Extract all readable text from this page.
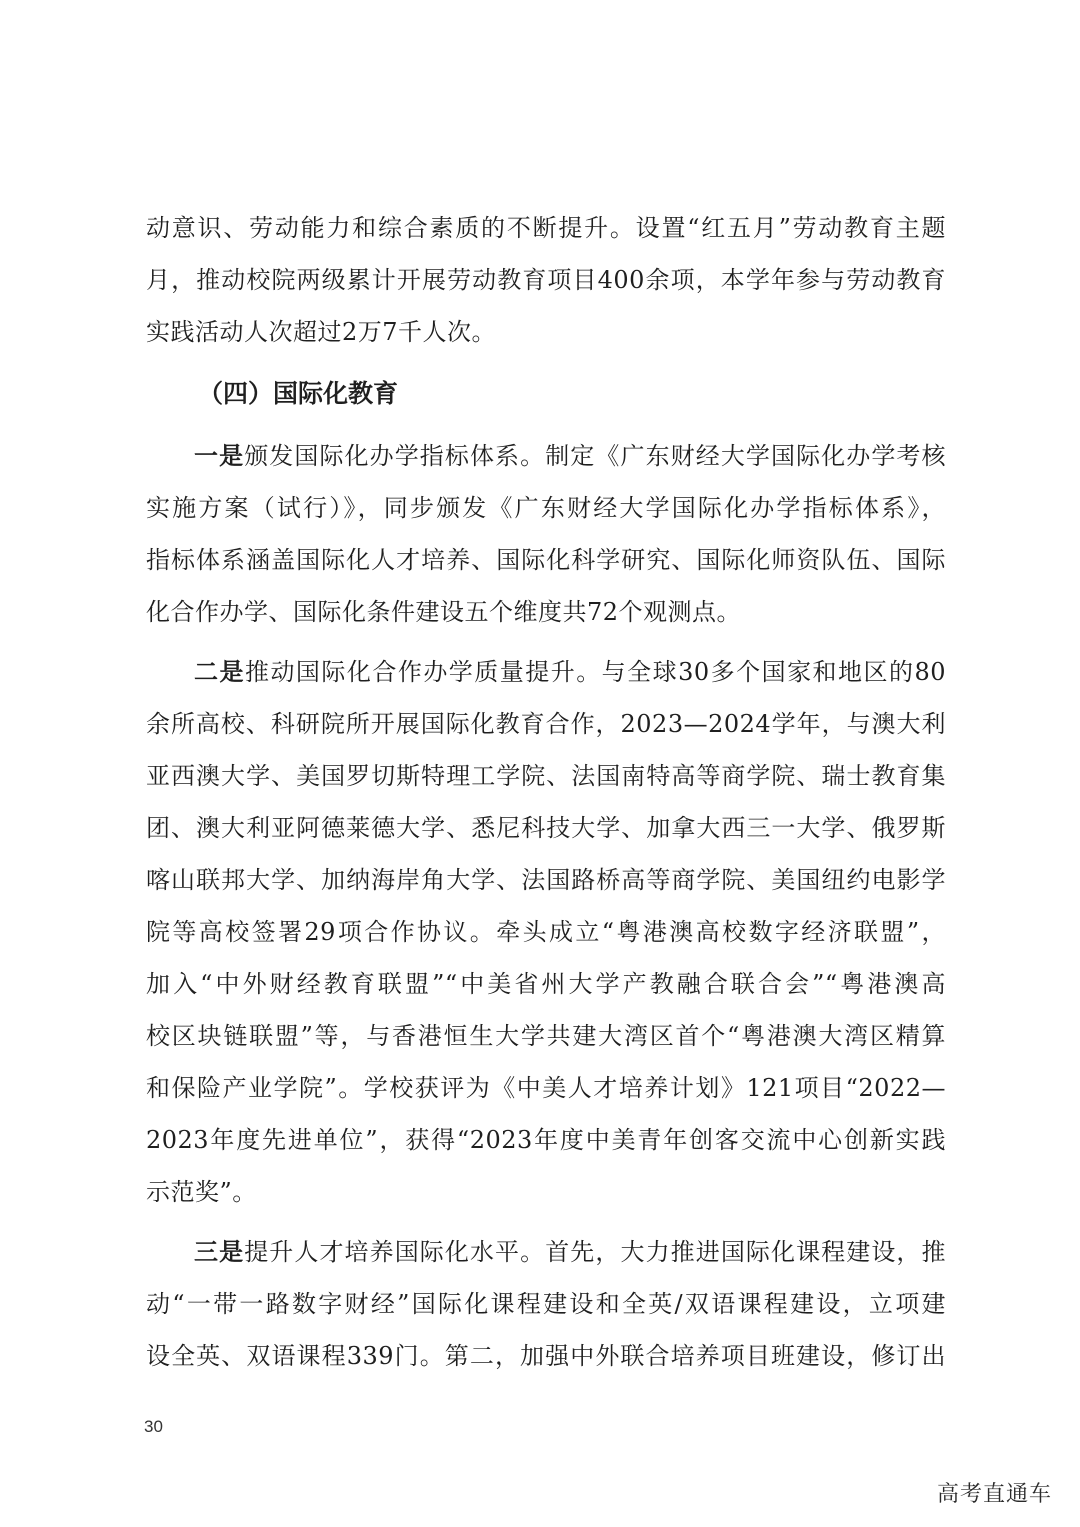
动意识、劳动能力和综合素质的不断提升。设置“红五月”劳动教育主题
月，推动校院两级累计开展劳动教育项目400余项，本学年参与劳动教育
实践活动人次超过2万7千人次。
（四）国际化教育
一是颁发国际化办学指标体系。制定《广东财经大学国际化办学考核
实施方案（试行）》，同步颁发《广东财经大学国际化办学指标体系》，
指标体系涵盖国际化人才培养、国际化科学研究、国际化师资队伍、国际
化合作办学、国际化条件建设五个维度共72个观测点。
二是推动国际化合作办学质量提升。与全球30多个国家和地区的80
余所高校、科研院所开展国际化教育合作，2023—2024学年，与澳大利
亚西澳大学、美国罗切斯特理工学院、法国南特高等商学院、瑞士教育集
团、澳大利亚阿德莱德大学、悉尼科技大学、加拿大西三一大学、俄罗斯
喀山联邦大学、加纳海岸角大学、法国路桥高等商学院、美国纽约电影学
院等高校签署29项合作协议。牵头成立“粤港澳高校数字经济联盟”，
加入“中外财经教育联盟”“中美省州大学产教融合联合会”“粤港澳高
校区块链联盟”等，与香港恒生大学共建大湾区首个“粤港澳大湾区精算
和保险产业学院”。学校获评为《中美人才培养计划》121项目“2022—
2023年度先进单位”，获得“2023年度中美青年创客交流中心创新实践
示范奖”。
三是提升人才培养国际化水平。首先，大力推进国际化课程建设，推
动“一带一路数字财经”国际化课程建设和全英/双语课程建设，立项建
设全英、双语课程339门。第二，加强中外联合培养项目班建设，修订出
30
高考直通车
